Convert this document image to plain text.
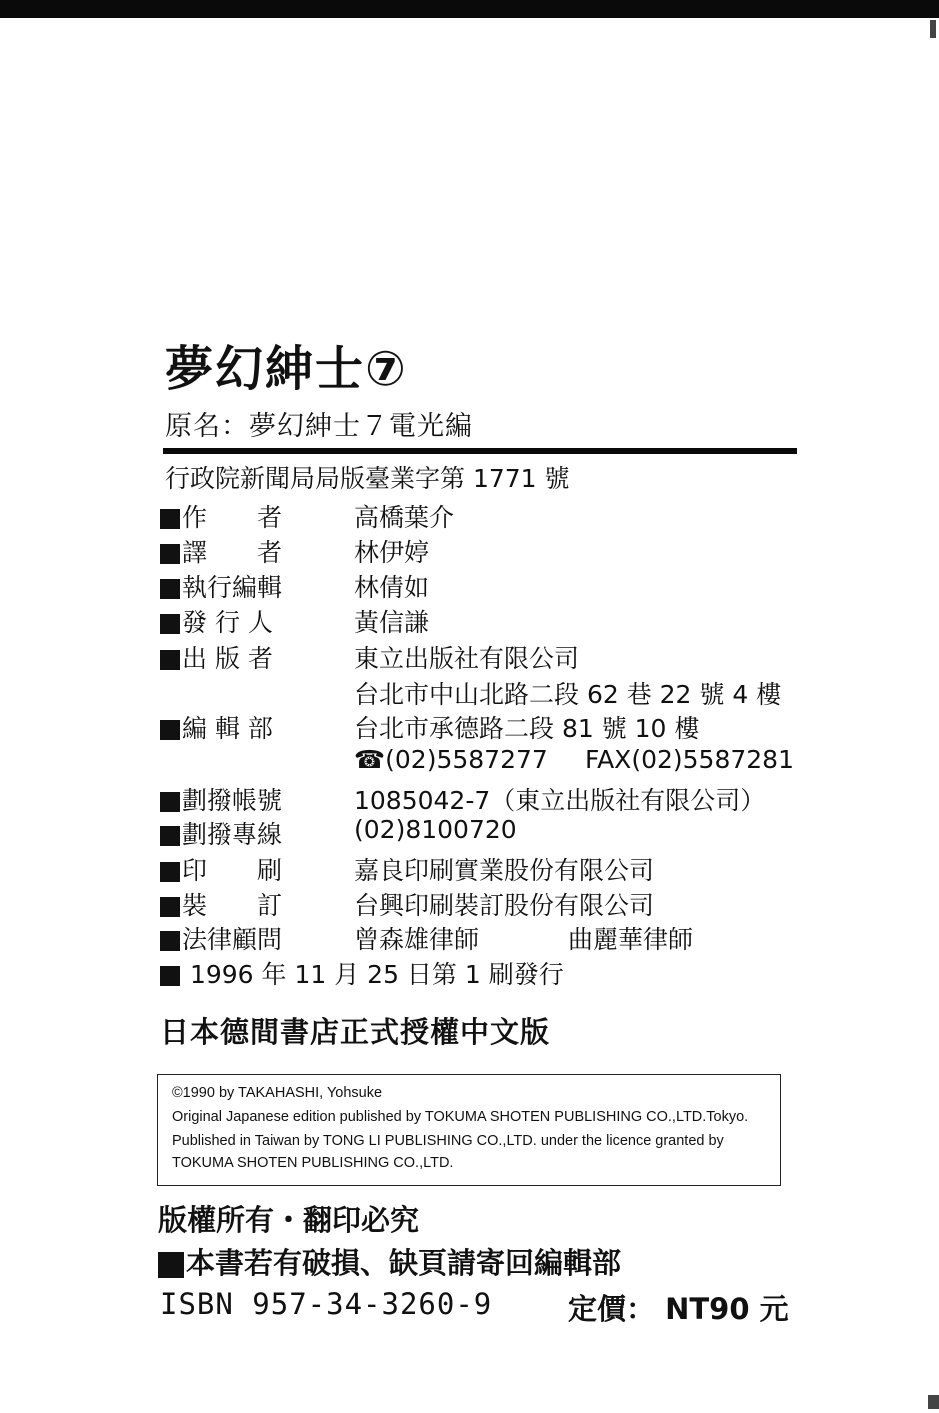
夢幻紳士⑦
原名：夢幻紳士７電光編
行政院新聞局局版臺業字第 1771 號
作　　者	高橋葉介
譯　　者	林伊婷
執行編輯	林倩如
發 行 人	黃信謙
出 版 者	東立出版社有限公司
台北市中山北路二段 62 巷 22 號 4 樓
編 輯 部	台北市承德路二段 81 號 10 樓
☎(02)5587277 FAX(02)5587281
劃撥帳號	1085042-7（東立出版社有限公司）
劃撥專線	(02)8100720
印　　刷	嘉良印刷實業股份有限公司
裝　　訂	台興印刷裝訂股份有限公司
法律顧問	曾森雄律師	曲麗華律師
1996 年 11 月 25 日第 1 刷發行
日本德間書店正式授權中文版
©1990 by TAKAHASHI, Yohsuke
Original Japanese edition published by TOKUMA SHOTEN PUBLISHING CO.,LTD.Tokyo.
Published in Taiwan by TONG LI PUBLISHING CO.,LTD. under the licence granted by
TOKUMA SHOTEN PUBLISHING CO.,LTD.
版權所有・翻印必究
本書若有破損、缺頁請寄回編輯部
ISBN 957-34-3260-9	定價： NT90 元
